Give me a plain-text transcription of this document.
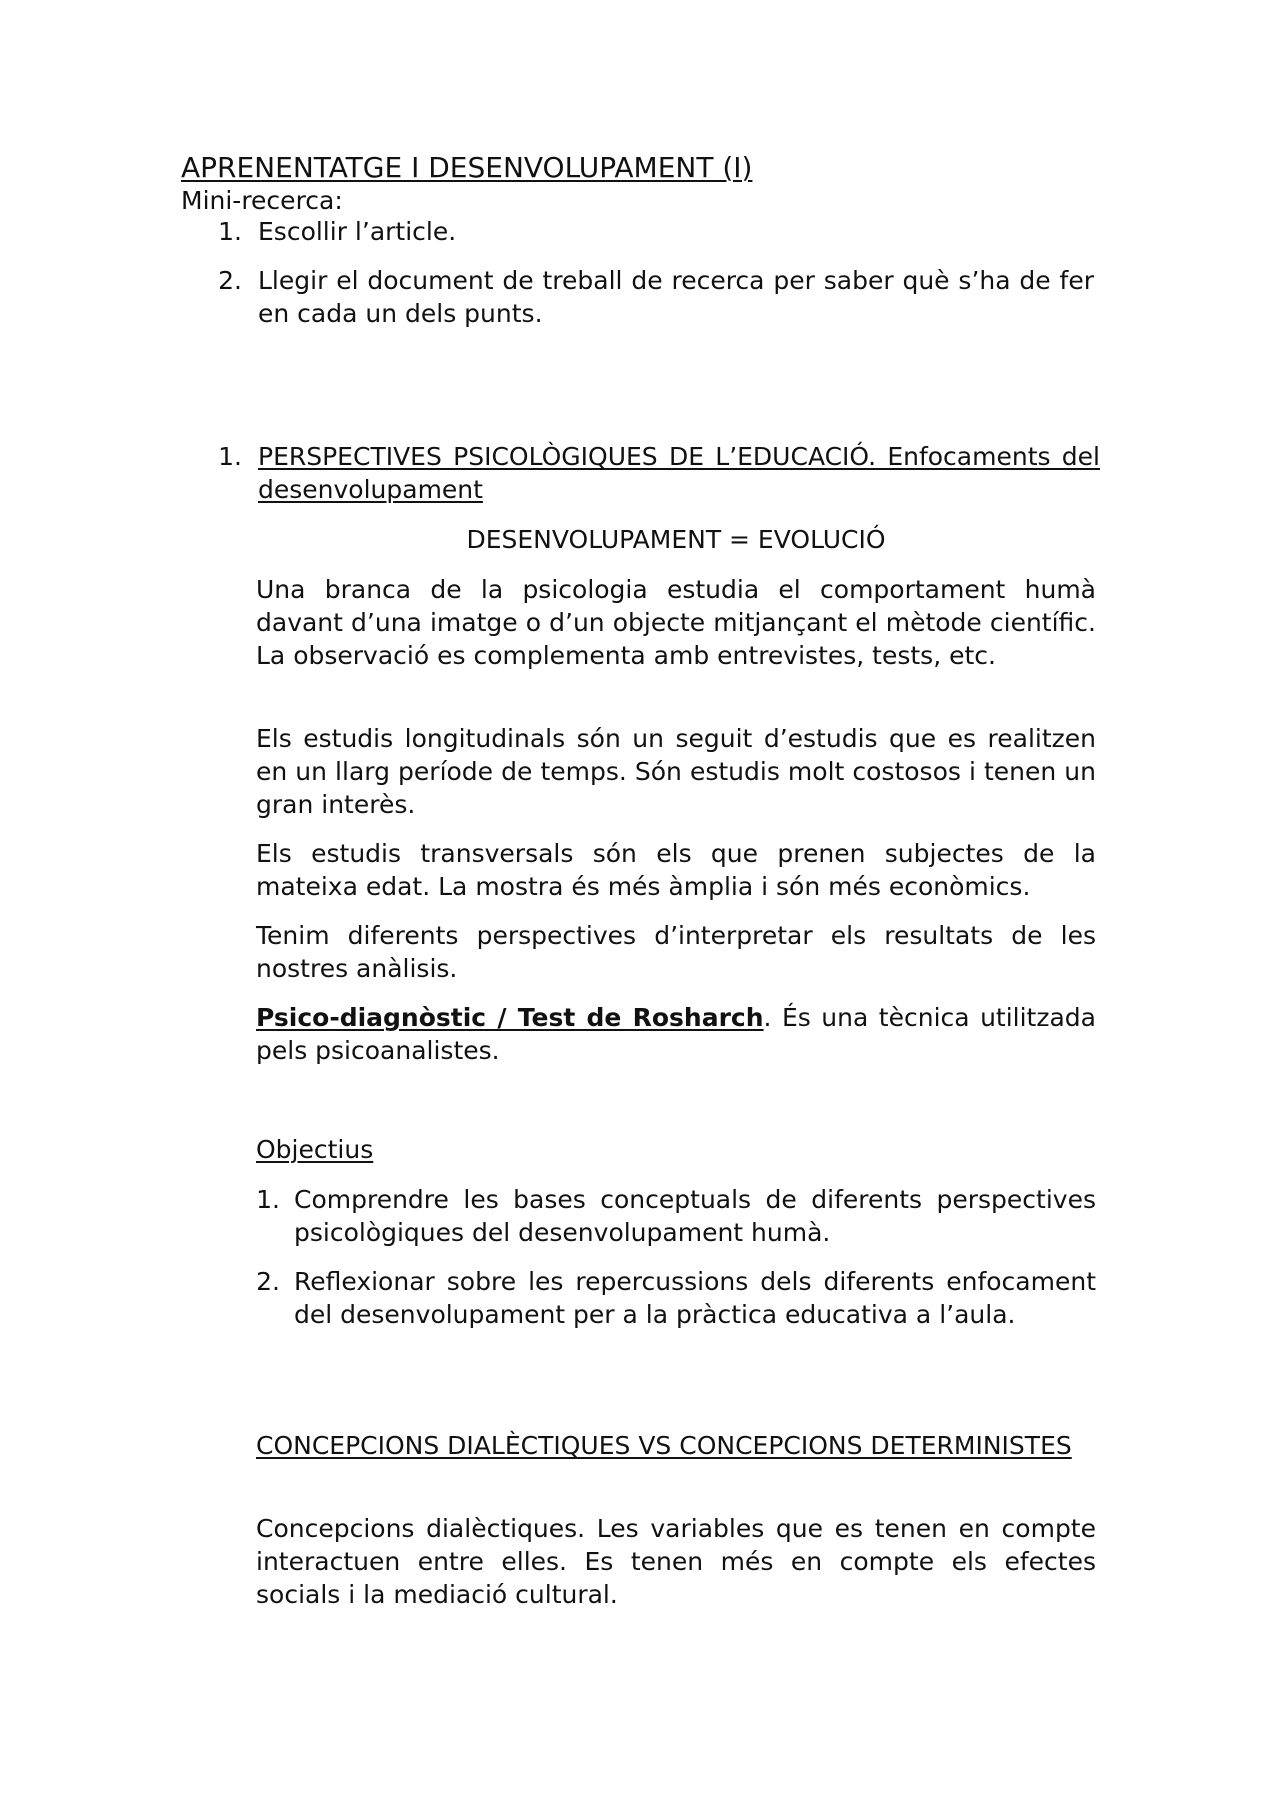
APRENENTATGE I DESENVOLUPAMENT (I)
Mini-recerca:
1. Escollir l’article.
2. Llegir el document de treball de recerca per saber què s’ha de fer en cada un dels punts.
1. PERSPECTIVES PSICOLÒGIQUES DE L’EDUCACIÓ. Enfocaments del desenvolupament
DESENVOLUPAMENT = EVOLUCIÓ
Una branca de la psicologia estudia el comportament humà davant d’una imatge o d’un objecte mitjançant el mètode científic. La observació es complementa amb entrevistes, tests, etc.
Els estudis longitudinals són un seguit d’estudis que es realitzen en un llarg període de temps. Són estudis molt costosos i tenen un gran interès.
Els estudis transversals són els que prenen subjectes de la mateixa edat. La mostra és més àmplia i són més econòmics.
Tenim diferents perspectives d’interpretar els resultats de les nostres anàlisis.
Psico-diagnòstic / Test de Rosharch. És una tècnica utilitzada pels psicoanalistes.
Objectius
1. Comprendre les bases conceptuals de diferents perspectives psicològiques del desenvolupament humà.
2. Reflexionar sobre les repercussions dels diferents enfocament del desenvolupament per a la pràctica educativa a l’aula.
CONCEPCIONS DIALÈCTIQUES VS CONCEPCIONS DETERMINISTES
Concepcions dialèctiques. Les variables que es tenen en compte interactuen entre elles. Es tenen més en compte els efectes socials i la mediació cultural.
